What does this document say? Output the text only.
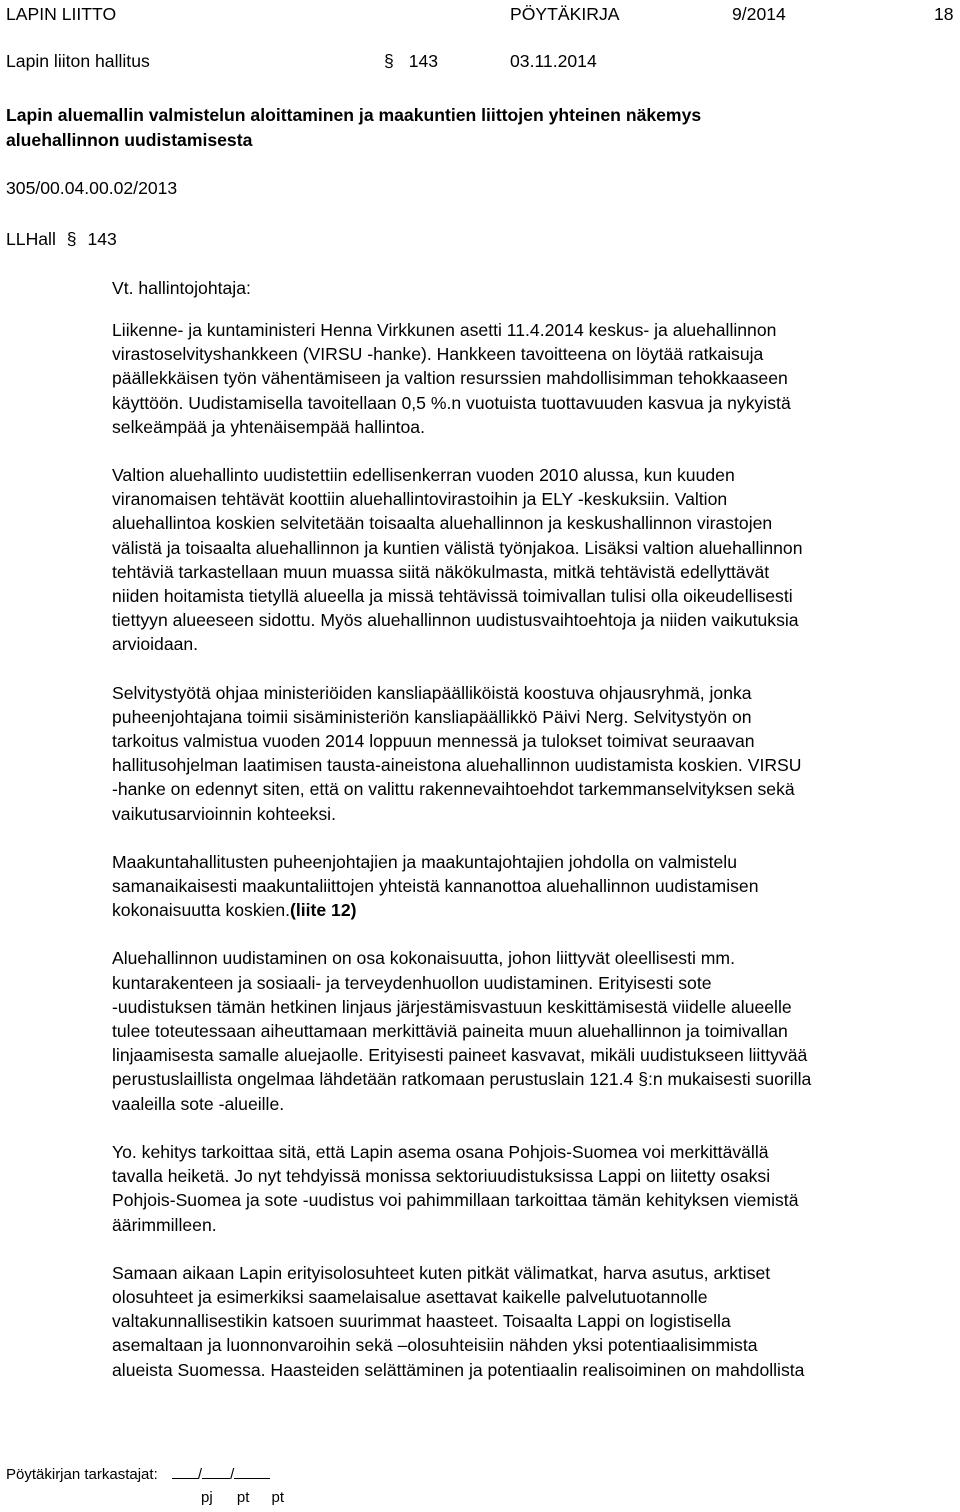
LAPIN LIITTO	PÖYTÄKIRJA	9/2014	18
Lapin liiton hallitus	§ 143	03.11.2014
Lapin aluemallin valmistelun aloittaminen ja maakuntien liittojen yhteinen näkemys
aluehallinnon uudistamisesta
305/00.04.00.02/2013
LLHall § 143
Vt. hallintojohtaja:
Liikenne- ja kuntaministeri Henna Virkkunen asetti 11.4.2014 keskus- ja aluehallinnon
virastoselvityshankkeen (VIRSU -hanke). Hankkeen tavoitteena on löytää ratkaisuja
päällekkäisen työn vähentämiseen ja valtion resurssien mahdollisimman tehokkaaseen
käyttöön. Uudistamisella tavoitellaan 0,5 %.n vuotuista tuottavuuden kasvua ja nykyistä
selkeämpää ja yhtenäisempää hallintoa.
Valtion aluehallinto uudistettiin edellisenkerran vuoden 2010 alussa, kun kuuden
viranomaisen tehtävät koottiin aluehallintovirastoihin ja ELY -keskuksiin. Valtion
aluehallintoa koskien selvitetään toisaalta aluehallinnon ja keskushallinnon virastojen
välistä ja toisaalta aluehallinnon ja kuntien välistä työnjakoa. Lisäksi valtion aluehallinnon
tehtäviä tarkastellaan muun muassa siitä näkökulmasta, mitkä tehtävistä edellyttävät
niiden hoitamista tietyllä alueella ja missä tehtävissä toimivallan tulisi olla oikeudellisesti
tiettyyn alueeseen sidottu. Myös aluehallinnon uudistusvaihtoehtoja ja niiden vaikutuksia
arvioidaan.
Selvitystyötä ohjaa ministeriöiden kansliapäälliköistä koostuva ohjausryhmä, jonka
puheenjohtajana toimii sisäministeriön kansliapäällikkö Päivi Nerg. Selvitystyön on
tarkoitus valmistua vuoden 2014 loppuun mennessä ja tulokset toimivat seuraavan
hallitusohjelman laatimisen tausta-aineistona aluehallinnon uudistamista koskien. VIRSU
-hanke on edennyt siten, että on valittu rakennevaihtoehdot tarkemmanselvityksen sekä
vaikutusarvioinnin kohteeksi.
Maakuntahallitusten puheenjohtajien ja maakuntajohtajien johdolla on valmistelu
samanaikaisesti maakuntaliittojen yhteistä kannanottoa aluehallinnon uudistamisen
kokonaisuutta koskien.(liite 12)
Aluehallinnon uudistaminen on osa kokonaisuutta, johon liittyvät oleellisesti mm.
kuntarakenteen ja sosiaali- ja terveydenhuollon uudistaminen. Erityisesti sote
-uudistuksen tämän hetkinen linjaus järjestämisvastuun keskittämisestä viidelle alueelle
tulee toteutessaan aiheuttamaan merkittäviä paineita muun aluehallinnon ja toimivallan
linjaamisesta samalle aluejaolle. Erityisesti paineet kasvavat, mikäli uudistukseen liittyvää
perustuslaillista ongelmaa lähdetään ratkomaan perustuslain 121.4 §:n mukaisesti suorilla
vaaleilla sote -alueille.
Yo. kehitys tarkoittaa sitä, että Lapin asema osana Pohjois-Suomea voi merkittävällä
tavalla heiketä. Jo nyt tehdyissä monissa sektoriuudistuksissa Lappi on liitetty osaksi
Pohjois-Suomea ja sote -uudistus voi pahimmillaan tarkoittaa tämän kehityksen viemistä
äärimmilleen.
Samaan aikaan Lapin erityisolosuhteet kuten pitkät välimatkat, harva asutus, arktiset
olosuhteet ja esimerkiksi saamelaisalue asettavat kaikelle palvelutuotannolle
valtakunnallisestikin katsoen suurimmat haasteet. Toisaalta Lappi on logistisella
asemaltaan ja luonnonvaroihin sekä –olosuhteisiin nähden yksi potentiaalisimmista
alueista Suomessa. Haasteiden selättäminen ja potentiaalin realisoiminen on mahdollista
Pöytäkirjan tarkastajat:	/ /
pj pt pt
